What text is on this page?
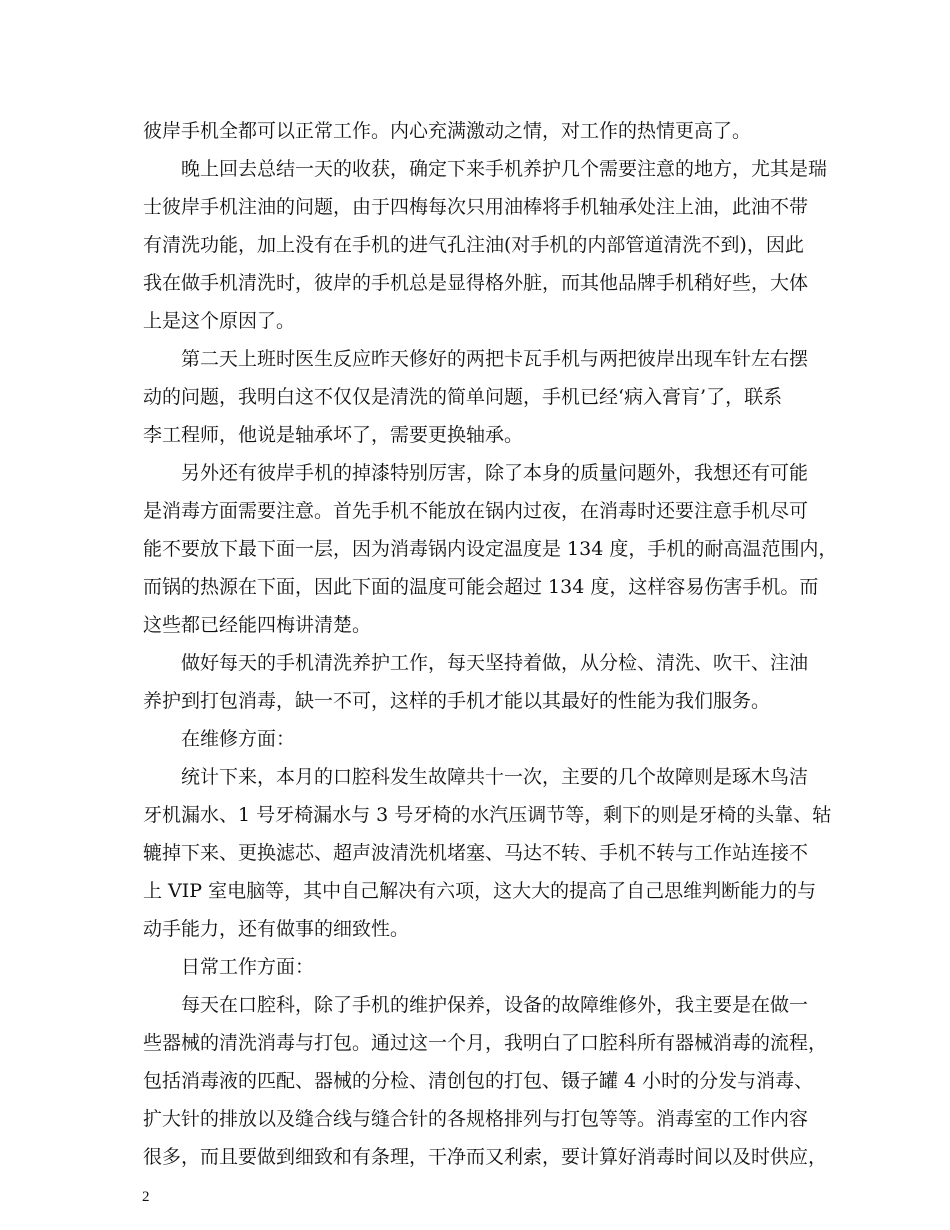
彼岸手机全都可以正常工作。内心充满激动之情，对工作的热情更高了。
　　晚上回去总结一天的收获，确定下来手机养护几个需要注意的地方，尤其是瑞
士彼岸手机注油的问题，由于四梅每次只用油棒将手机轴承处注上油，此油不带
有清洗功能，加上没有在手机的进气孔注油(对手机的内部管道清洗不到)，因此
我在做手机清洗时，彼岸的手机总是显得格外脏，而其他品牌手机稍好些，大体
上是这个原因了。
　　第二天上班时医生反应昨天修好的两把卡瓦手机与两把彼岸出现车针左右摆
动的问题，我明白这不仅仅是清洗的简单问题，手机已经‘病入膏肓’了，联系
李工程师，他说是轴承坏了，需要更换轴承。
　　另外还有彼岸手机的掉漆特别厉害，除了本身的质量问题外，我想还有可能
是消毒方面需要注意。首先手机不能放在锅内过夜，在消毒时还要注意手机尽可
能不要放下最下面一层，因为消毒锅内设定温度是 134 度，手机的耐高温范围内，
而锅的热源在下面，因此下面的温度可能会超过 134 度，这样容易伤害手机。而
这些都已经能四梅讲清楚。
　　做好每天的手机清洗养护工作，每天坚持着做，从分检、清洗、吹干、注油
养护到打包消毒，缺一不可，这样的手机才能以其最好的性能为我们服务。
　　在维修方面：
　　统计下来，本月的口腔科发生故障共十一次，主要的几个故障则是琢木鸟洁
牙机漏水、1 号牙椅漏水与 3 号牙椅的水汽压调节等，剩下的则是牙椅的头靠、轱
辘掉下来、更换滤芯、超声波清洗机堵塞、马达不转、手机不转与工作站连接不
上 VIP 室电脑等，其中自己解决有六项，这大大的提高了自己思维判断能力的与
动手能力，还有做事的细致性。
　　日常工作方面：
　　每天在口腔科，除了手机的维护保养，设备的故障维修外，我主要是在做一
些器械的清洗消毒与打包。通过这一个月，我明白了口腔科所有器械消毒的流程，
包括消毒液的匹配、器械的分检、清创包的打包、镊子罐 4 小时的分发与消毒、
扩大针的排放以及缝合线与缝合针的各规格排列与打包等等。消毒室的工作内容
很多，而且要做到细致和有条理，干净而又利索，要计算好消毒时间以及时供应，
2
